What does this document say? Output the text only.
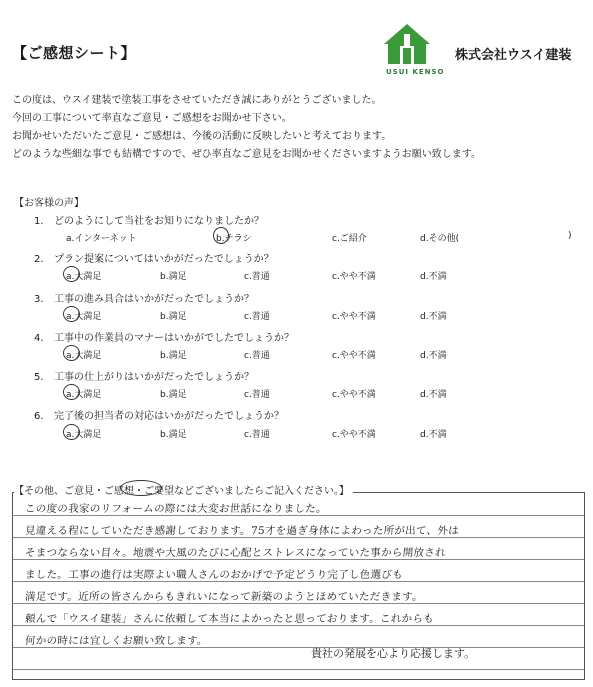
【ご感想シート】
USUI KENSO
株式会社ウスイ建装
この度は、ウスイ建装で塗装工事をさせていただき誠にありがとうございました。
今回の工事について率直なご意見・ご感想をお聞かせ下さい。
お聞かせいただいたご意見・ご感想は、今後の活動に反映したいと考えております。
どのような些細な事でも結構ですので、ぜひ率直なご意見をお聞かせくださいますようお願い致します。
【お客様の声】
1. どのようにして当社をお知りになりましたか？
a.インターネット	b.チラシ	c.ご紹介	d.その他(	)
2. プラン提案についてはいかがだったでしょうか？
a.大満足	b.満足	c.普通	c.やや不満	d.不満
3. 工事の進み具合はいかがだったでしょうか？
a.大満足	b.満足	c.普通	c.やや不満	d.不満
4. 工事中の作業員のマナーはいかがでしたでしょうか？
a.大満足	b.満足	c.普通	c.やや不満	d.不満
5. 工事の仕上がりはいかがだったでしょうか？
a.大満足	b.満足	c.普通	c.やや不満	d.不満
6. 完了後の担当者の対応はいかがだったでしょうか？
a.大満足	b.満足	c.普通	c.やや不満	d.不満
この度の我家のリフォームの際には大変お世話になりました。
見違える程にしていただき感謝しております。75才を過ぎ身体によわった所が出て、外は
そまつならない目々。地震や大風のたびに心配とストレスになっていた事から開放され
ました。工事の進行は実際よい職人さんのおかげで予定どうり完了し色選びも
満足です。近所の皆さんからもきれいになって新築のようとほめていただきます。
頼んで「ウスイ建装」さんに依頼して本当によかったと思っております。これからも
何かの時には宜しくお願い致します。
貴社の発展を心より応援します。
【その他、ご意見・ご感想・ご要望などございましたらご記入ください。】
